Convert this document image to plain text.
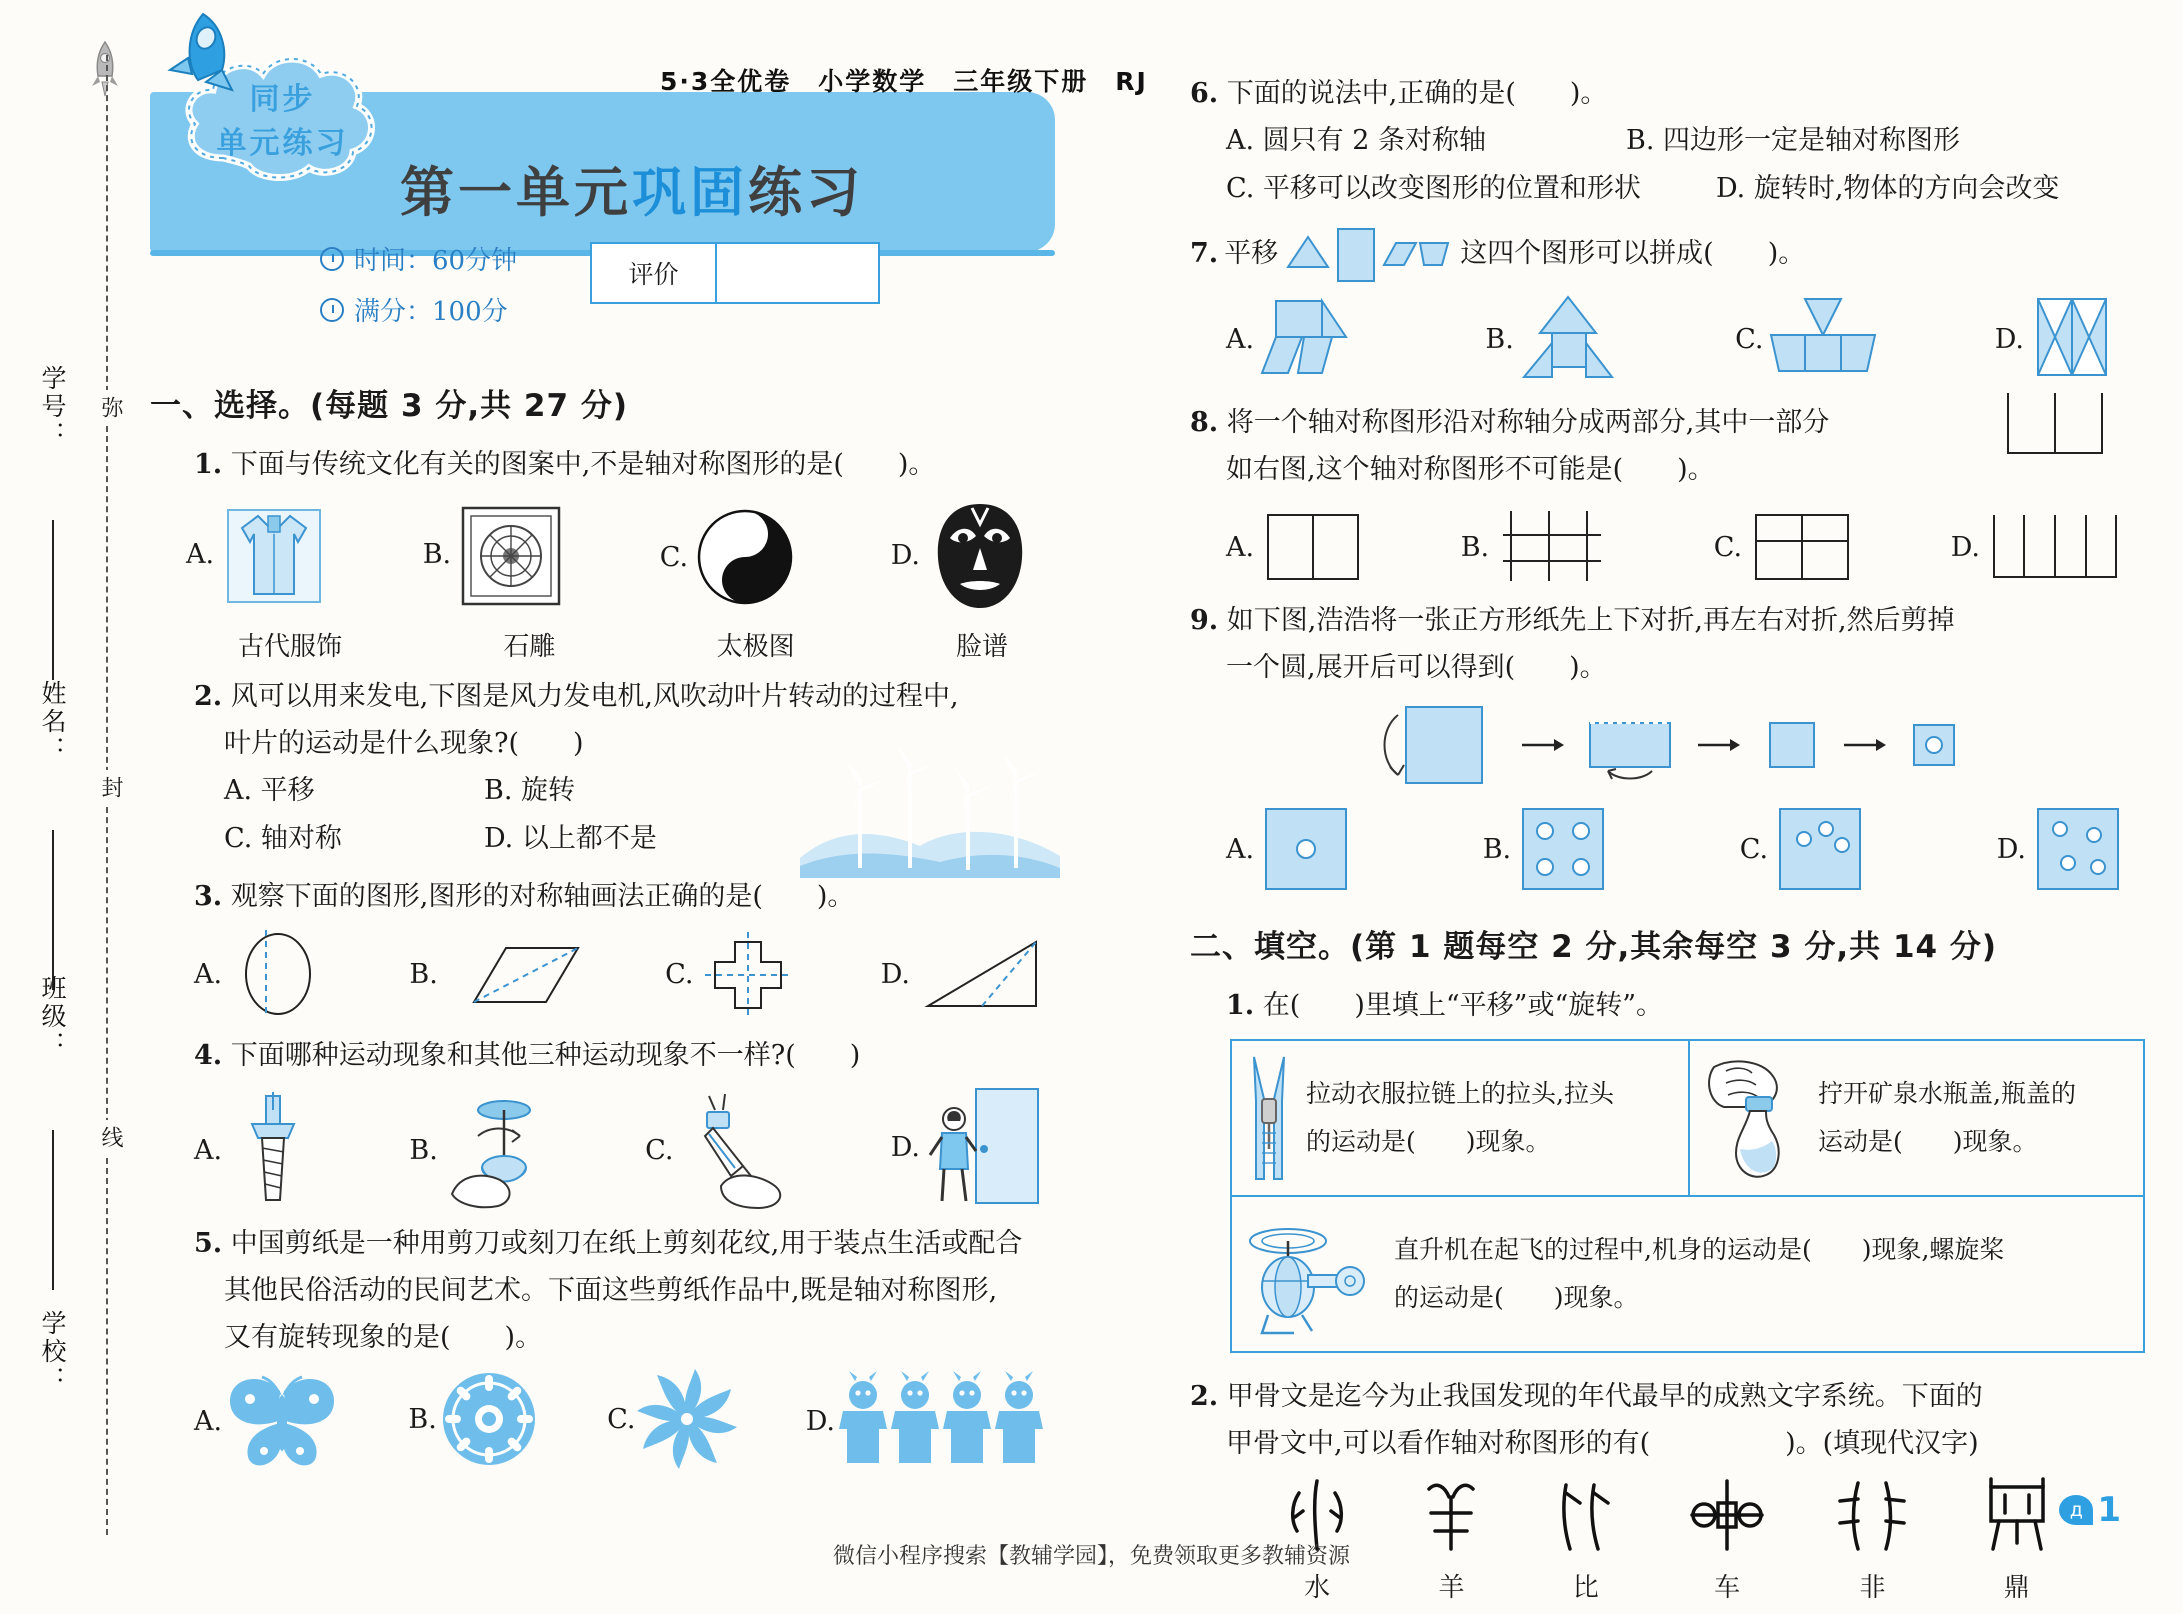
弥
封
线
学号：
姓名：
班级：
学校：
同步
单元练习
5·3全优卷　小学数学　三年级下册　RJ
第一单元巩固练习
时间：60分钟
满分：100分
评价
一、选择。(每题 3 分,共 27 分)
1. 下面与传统文化有关的图案中,不是轴对称图形的是(　　)。
A.	B.	C.	D.
古代服饰	石雕	太极图	脸谱
2. 风可以用来发电,下图是风力发电机,风吹动叶片转动的过程中,
叶片的运动是什么现象?(　　)
A. 平移	B. 旋转
C. 轴对称	D. 以上都不是
3. 观察下面的图形,图形的对称轴画法正确的是(　　)。
A.	B.	C.	D.
4. 下面哪种运动现象和其他三种运动现象不一样?(　　)
A.	B.	C.	D.
5. 中国剪纸是一种用剪刀或刻刀在纸上剪刻花纹,用于装点生活或配合
其他民俗活动的民间艺术。下面这些剪纸作品中,既是轴对称图形,
又有旋转现象的是(　　)。
A.	B.	C.	D.
6. 下面的说法中,正确的是(　　)。
A. 圆只有 2 条对称轴	B. 四边形一定是轴对称图形
C. 平移可以改变图形的位置和形状	D. 旋转时,物体的方向会改变
7. 平移	这四个图形可以拼成(　　)。
A.	B.	C.	D.
8. 将一个轴对称图形沿对称轴分成两部分,其中一部分
如右图,这个轴对称图形不可能是(　　)。
A.	B.	C.	D.
9. 如下图,浩浩将一张正方形纸先上下对折,再左右对折,然后剪掉
一个圆,展开后可以得到(　　)。
A.	B.	C.	D.
二、填空。(第 1 题每空 2 分,其余每空 3 分,共 14 分)
1. 在(　　)里填上“平移”或“旋转”。
拉动衣服拉链上的拉头,拉头
的运动是(　　)现象。
拧开矿泉水瓶盖,瓶盖的
运动是(　　)现象。
直升机在起飞的过程中,机身的运动是(　　)现象,螺旋桨
的运动是(　　)现象。
2. 甲骨文是迄今为止我国发现的年代最早的成熟文字系统。下面的
甲骨文中,可以看作轴对称图形的有(　　　　　)。(填现代汉字)
水	羊	比	车	非	鼎
д 1
微信小程序搜索【教辅学园】，免费领取更多教辅资源
